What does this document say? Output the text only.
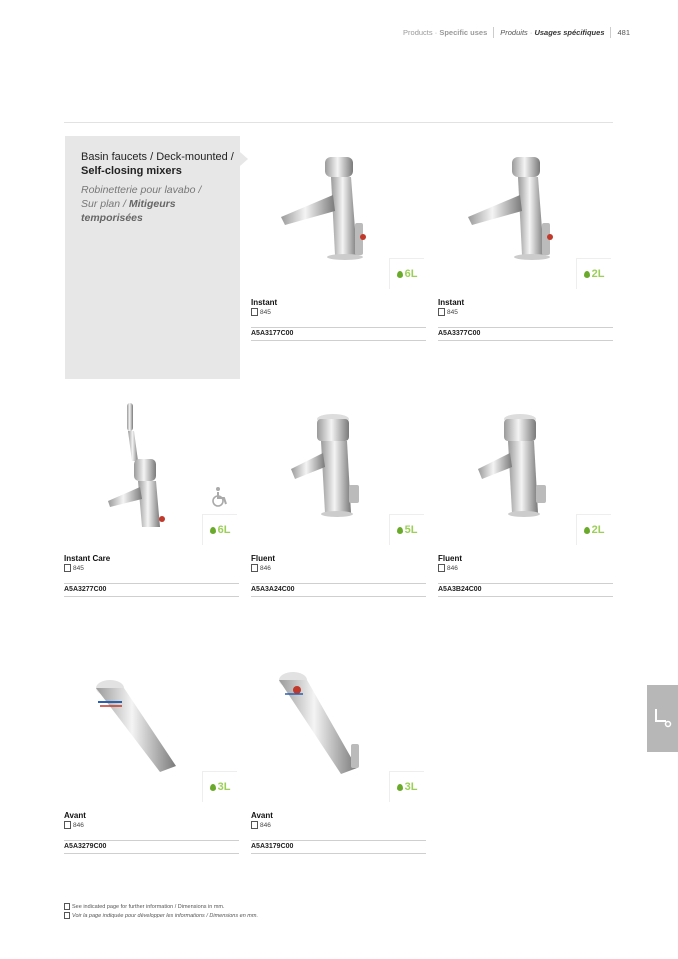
Products · Specific uses Produits · Usages spécifiques 481
Basin faucets / Deck-mounted /
Self-closing mixers
Robinetterie pour lavabo /
Sur plan / Mitigeurs
temporisées
6L
Instant
845
A5A3177C00
2L
Instant
845
A5A3377C00
6L
Instant Care
845
A5A3277C00
5L
Fluent
846
A5A3A24C00
2L
Fluent
846
A5A3B24C00
3L
Avant
846
A5A3279C00
3L
Avant
846
A5A3179C00
See indicated page for further information / Dimensions in mm.
Voir la page indiquée pour développer les informations / Dimensions en mm.
